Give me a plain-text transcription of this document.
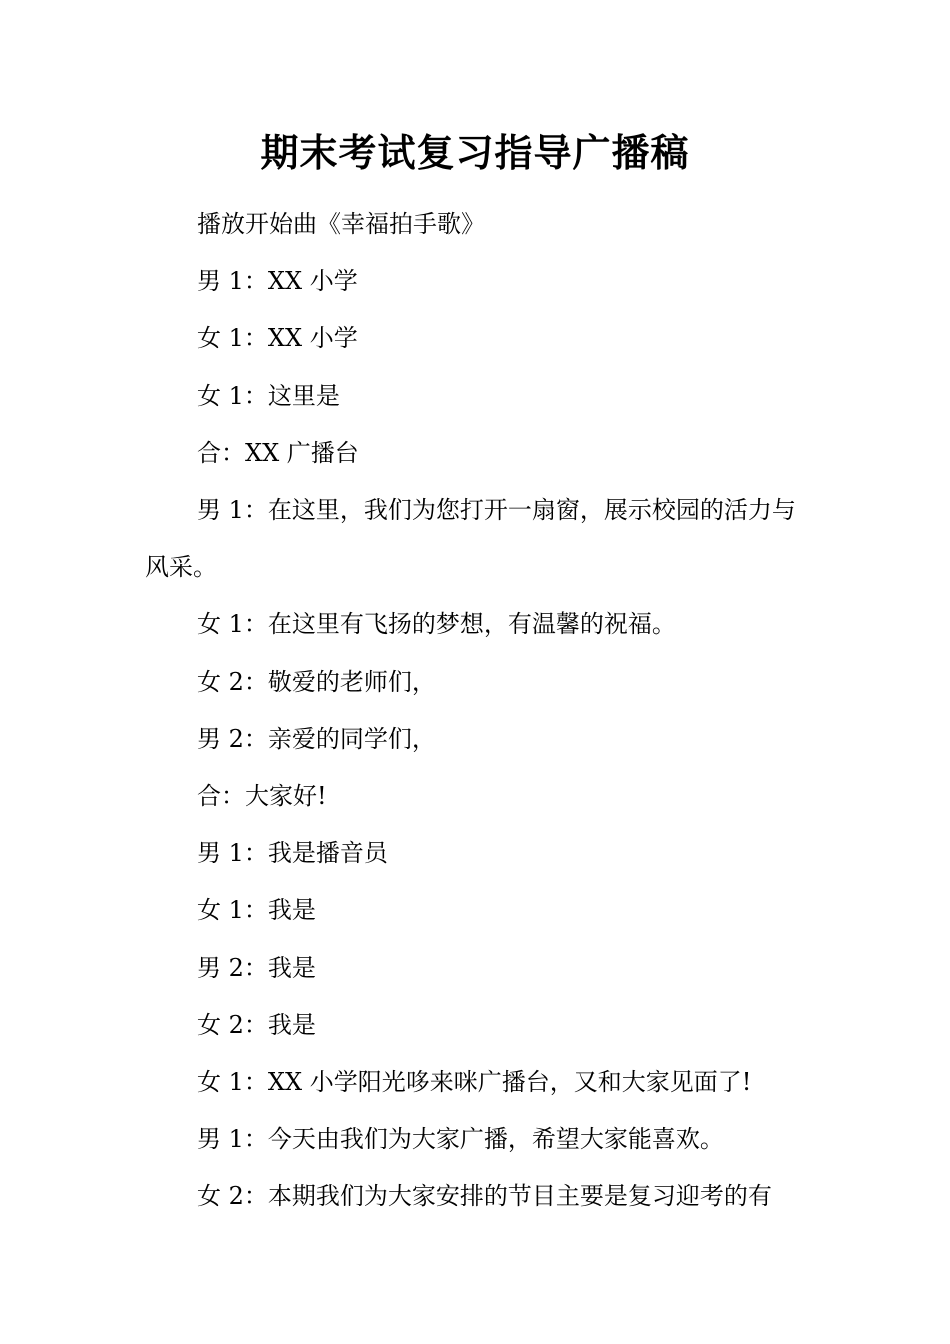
期末考试复习指导广播稿

播放开始曲《幸福拍手歌》

男 1：XX 小学

女 1：XX 小学

女 1：这里是

合：XX 广播台

男 1：在这里，我们为您打开一扇窗，展示校园的活力与风采。

女 1：在这里有飞扬的梦想，有温馨的祝福。

女 2：敬爱的老师们，

男 2：亲爱的同学们，

合：大家好!

男 1：我是播音员

女 1：我是

男 2：我是

女 2：我是

女 1：XX 小学阳光哆来咪广播台，又和大家见面了!

男 1：今天由我们为大家广播，希望大家能喜欢。

女 2：本期我们为大家安排的节目主要是复习迎考的有
